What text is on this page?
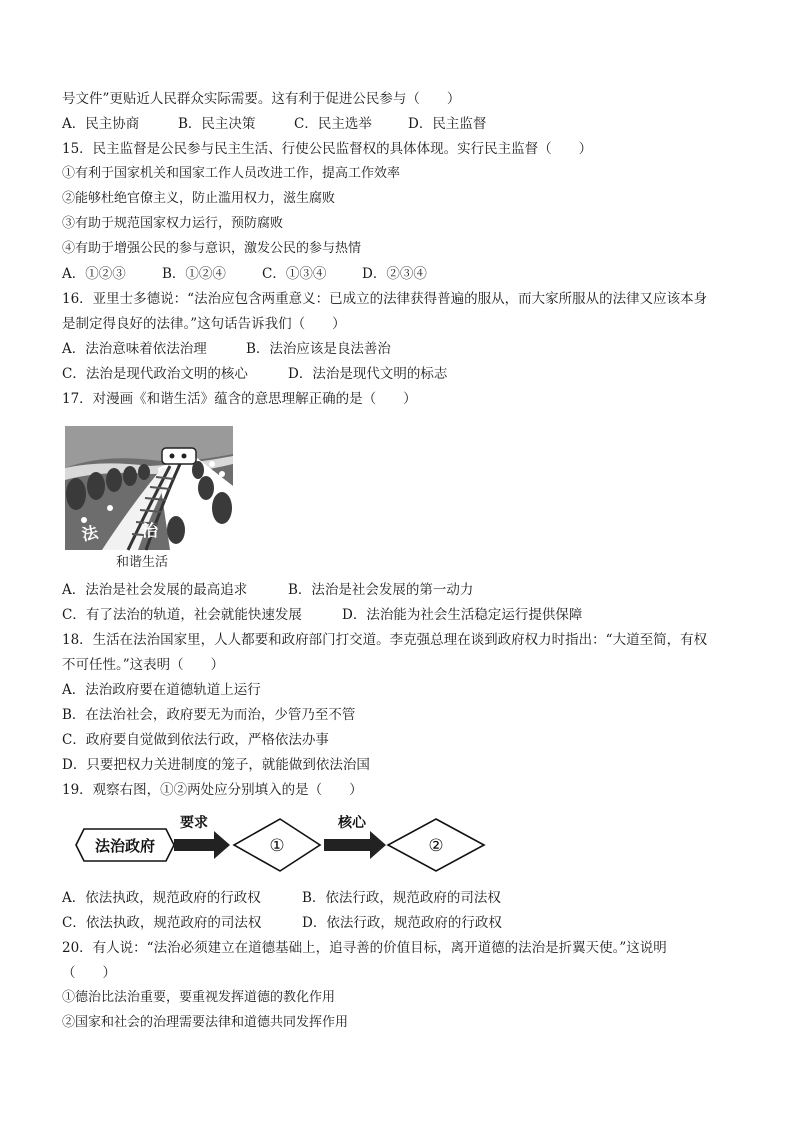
号文件”更贴近人民群众实际需要。这有利于促进公民参与（　　）
A．民主协商	B．民主决策	C．民主选举	D．民主监督
15．民主监督是公民参与民主生活、行使公民监督权的具体体现。实行民主监督（　　）
①有利于国家机关和国家工作人员改进工作，提高工作效率
②能够杜绝官僚主义，防止滥用权力，滋生腐败
③有助于规范国家权力运行，预防腐败
④有助于增强公民的参与意识，激发公民的参与热情
A．①②③	B．①②④	C．①③④	D．②③④
16．亚里士多德说：“法治应包含两重意义：已成立的法律获得普遍的服从，而大家所服从的法律又应该本身
是制定得良好的法律。”这句话告诉我们（　　）
A．法治意味着依法治理	B．法治应该是良法善治
C．法治是现代政治文明的核心	D．法治是现代文明的标志
17．对漫画《和谐生活》蕴含的意思理解正确的是（　　）
法	治
和谐生活
A．法治是社会发展的最高追求	B．法治是社会发展的第一动力
C．有了法治的轨道，社会就能快速发展	D．法治能为社会生活稳定运行提供保障
18．生活在法治国家里，人人都要和政府部门打交道。李克强总理在谈到政府权力时指出：“大道至简，有权
不可任性。”这表明（　　）
A．法治政府要在道德轨道上运行
B．在法治社会，政府要无为而治，少管乃至不管
C．政府要自觉做到依法行政，严格依法办事
D．只要把权力关进制度的笼子，就能做到依法治国
19．观察右图，①②两处应分别填入的是（　　）
法治政府
要求
①
核心
②
A．依法执政，规范政府的行政权	B．依法行政，规范政府的司法权
C．依法执政，规范政府的司法权	D．依法行政，规范政府的行政权
20．有人说：“法治必须建立在道德基础上，追寻善的价值目标，离开道德的法治是折翼天使。”这说明
（　　）
①德治比法治重要，要重视发挥道德的教化作用
②国家和社会的治理需要法律和道德共同发挥作用
